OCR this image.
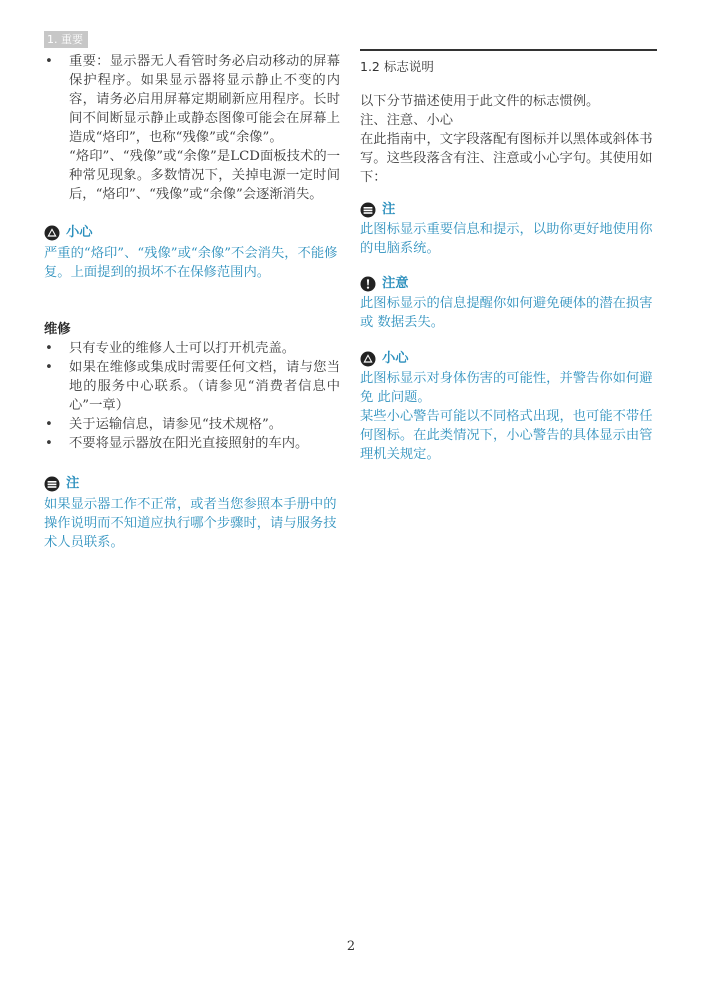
1. 重要
• 重要：显示器无人看管时务必启动移动的屏幕保护程序。如果显示器将显示静止不变的内容，请务必启用屏幕定期刷新应用程序。长时间不间断显示静止或静态图像可能会在屏幕上造成“烙印”，也称“残像”或“余像”。

“烙印”、“残像”或“余像”是LCD面板技术的一种常见现象。多数情况下，关掉电源一定时间后，“烙印”、“残像”或“余像”会逐渐消失。

小心

严重的“烙印”、“残像”或“余像”不会消失，不能修复。上面提到的损坏不在保修范围内。

维修

• 只有专业的维修人士可以打开机壳盖。
• 如果在维修或集成时需要任何文档，请与您当地的服务中心联系。（请参见“消费者信息中心”一章）
• 关于运输信息，请参见“技术规格”。
• 不要将显示器放在阳光直接照射的车内。
注

如果显示器工作不正常，或者当您参照本手册中的操作说明而不知道应执行哪个步骤时，请与服务技术人员联系。

1.2 标志说明
以下分节描述使用于此文件的标志惯例。
注、注意、小心
在此指南中，文字段落配有图标并以黑体或斜体书写。这些段落含有注、注意或小心字句。其使用如下：
注

此图标显示重要信息和提示，以助你更好地使用你 的电脑系统。

注意

此图标显示的信息提醒你如何避免硬体的潜在损害或 数据丢失。

小心

此图标显示对身体伤害的可能性，并警告你如何避免 此问题。

某些小心警告可能以不同格式出现，也可能不带任何图标。在此类情况下，小心警告的具体显示由管理机关规定。

2
